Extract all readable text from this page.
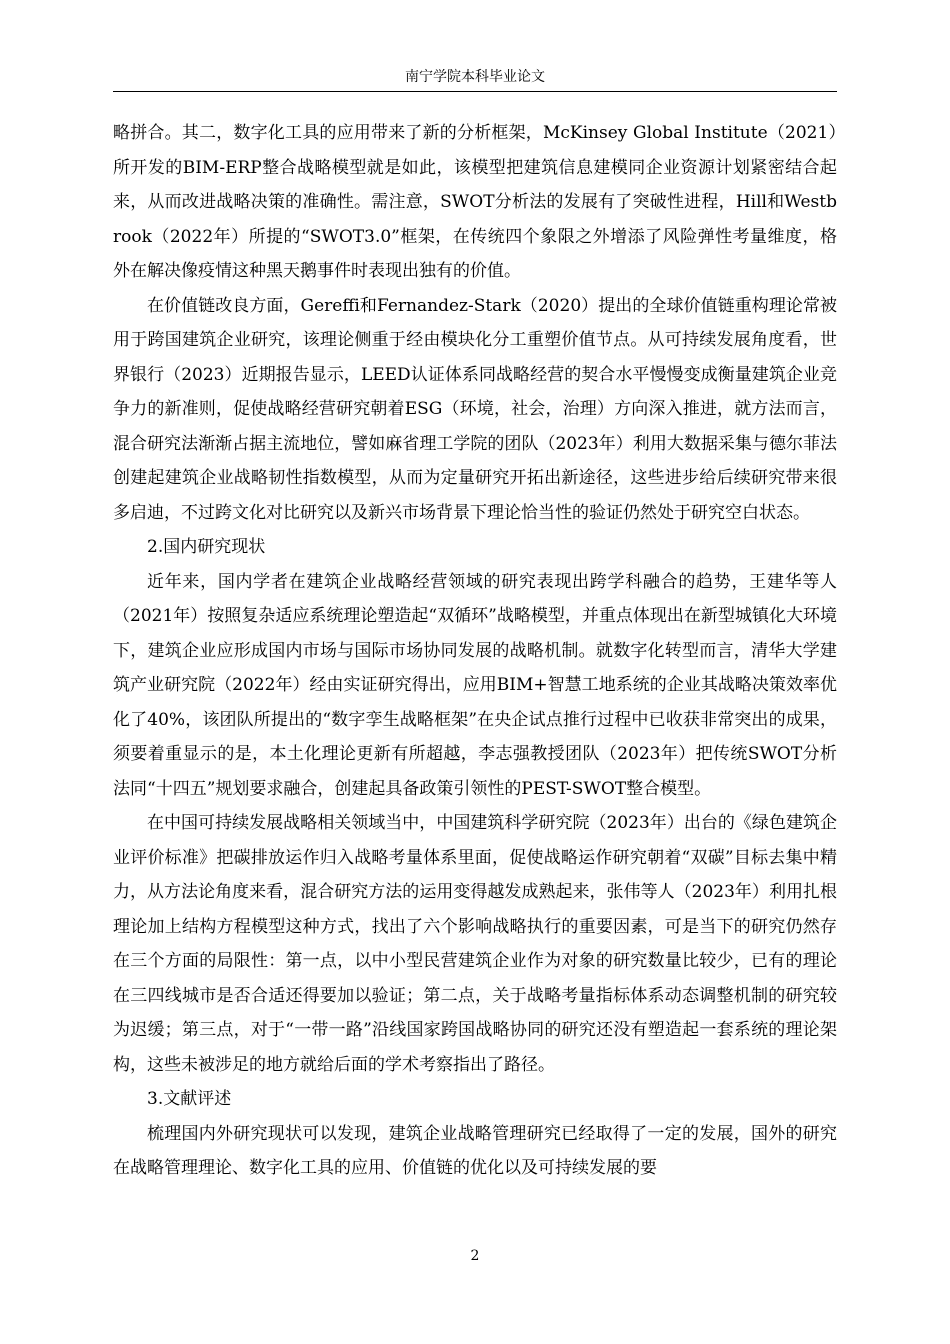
南宁学院本科毕业论文

略拼合。其二，数字化工具的应用带来了新的分析框架，McKinsey Global Institute（2021）所开发的BIM-ERP整合战略模型就是如此，该模型把建筑信息建模同企业资源计划紧密结合起来，从而改进战略决策的准确性。需注意，SWOT分析法的发展有了突破性进程，Hill和Westbrook（2022年）所提的“SWOT3.0”框架，在传统四个象限之外增添了风险弹性考量维度，格外在解决像疫情这种黑天鹅事件时表现出独有的价值。

在价值链改良方面，Gereffi和Fernandez-Stark（2020）提出的全球价值链重构理论常被用于跨国建筑企业研究，该理论侧重于经由模块化分工重塑价值节点。从可持续发展角度看，世界银行（2023）近期报告显示，LEED认证体系同战略经营的契合水平慢慢变成衡量建筑企业竞争力的新准则，促使战略经营研究朝着ESG（环境，社会，治理）方向深入推进，就方法而言，混合研究法渐渐占据主流地位，譬如麻省理工学院的团队（2023年）利用大数据采集与德尔菲法创建起建筑企业战略韧性指数模型，从而为定量研究开拓出新途径，这些进步给后续研究带来很多启迪，不过跨文化对比研究以及新兴市场背景下理论恰当性的验证仍然处于研究空白状态。

2.国内研究现状

近年来，国内学者在建筑企业战略经营领域的研究表现出跨学科融合的趋势，王建华等人（2021年）按照复杂适应系统理论塑造起“双循环”战略模型，并重点体现出在新型城镇化大环境下，建筑企业应形成国内市场与国际市场协同发展的战略机制。就数字化转型而言，清华大学建筑产业研究院（2022年）经由实证研究得出，应用BIM+智慧工地系统的企业其战略决策效率优化了40%，该团队所提出的“数字孪生战略框架”在央企试点推行过程中已收获非常突出的成果，须要着重显示的是，本土化理论更新有所超越，李志强教授团队（2023年）把传统SWOT分析法同“十四五”规划要求融合，创建起具备政策引领性的PEST-SWOT整合模型。

在中国可持续发展战略相关领域当中，中国建筑科学研究院（2023年）出台的《绿色建筑企业评价标准》把碳排放运作归入战略考量体系里面，促使战略运作研究朝着“双碳”目标去集中精力，从方法论角度来看，混合研究方法的运用变得越发成熟起来，张伟等人（2023年）利用扎根理论加上结构方程模型这种方式，找出了六个影响战略执行的重要因素，可是当下的研究仍然存在三个方面的局限性：第一点，以中小型民营建筑企业作为对象的研究数量比较少，已有的理论在三四线城市是否合适还得要加以验证；第二点，关于战略考量指标体系动态调整机制的研究较为迟缓；第三点，对于“一带一路”沿线国家跨国战略协同的研究还没有塑造起一套系统的理论架构，这些未被涉足的地方就给后面的学术考察指出了路径。

3.文献评述

梳理国内外研究现状可以发现，建筑企业战略管理研究已经取得了一定的发展，国外的研究在战略管理理论、数字化工具的应用、价值链的优化以及可持续发展的要

2
